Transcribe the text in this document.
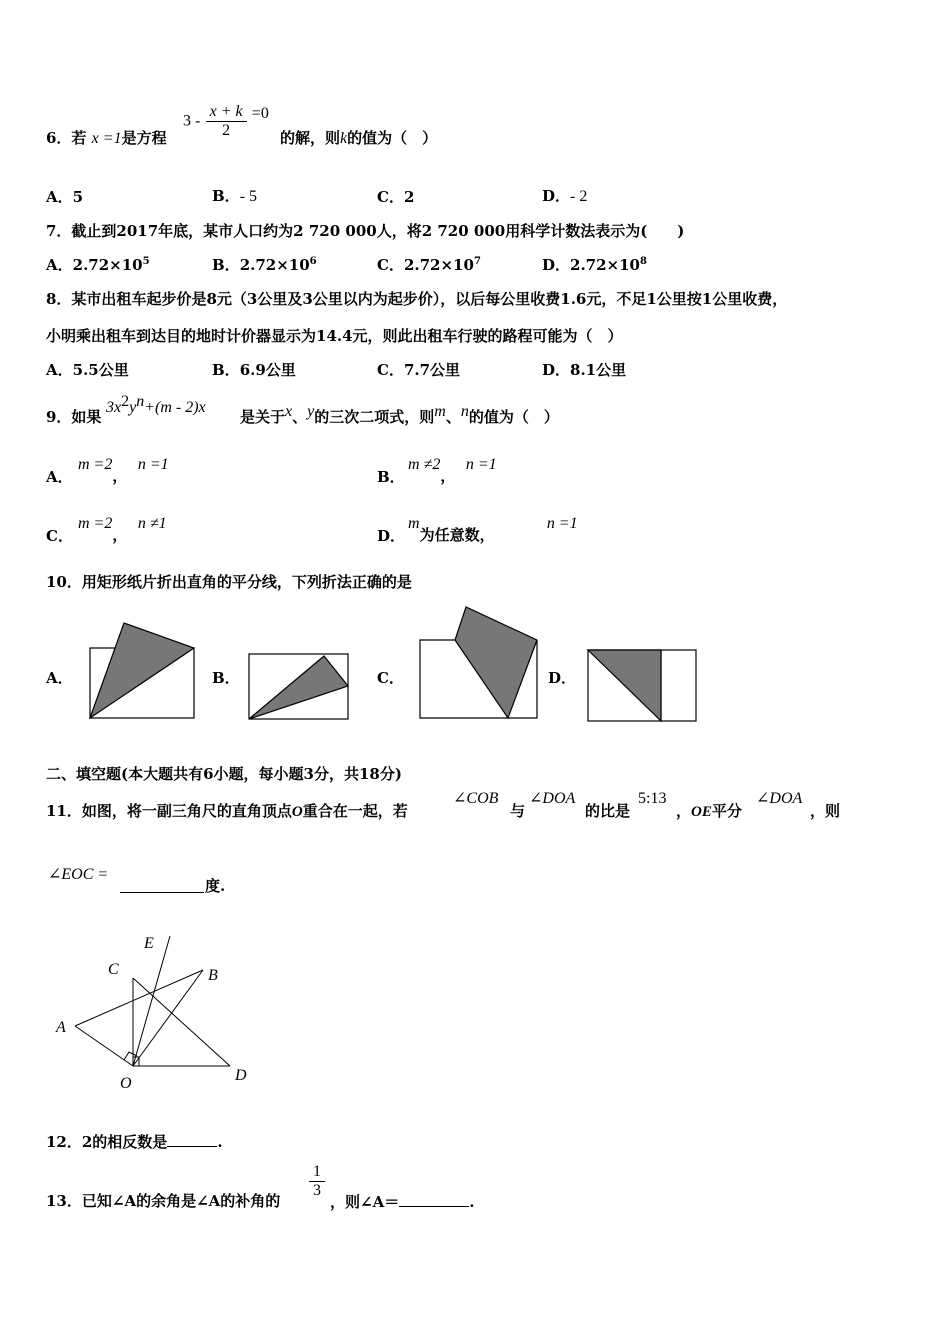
6．若 x =1是方程
$3 - \frac{x + k}{2} =0$
的解，则k的值为（　）
A．5	B．- 5	C．2	D．- 2
7．截止到2017年底，某市人口约为2 720 000人，将2 720 000用科学计数法表示为(　　)
A．$2.72\times 10^5$	B．$2.72\times 10^6$	C．$2.72\times 10^7$	D．$2.72\times 10^8$
8．某市出租车起步价是8元（3公里及3公里以内为起步价），以后每公里收费1.6元，不足1公里按1公里收费，
小明乘出租车到达目的地时计价器显示为14.4元，则此出租车行驶的路程可能为（　）
A．5.5公里	B．6.9公里	C．7.7公里	D．8.1公里
9．如果
$3x^2y^n+(m - 2)x$
是关于x、y的三次二项式，则m、n的值为（　）
A．
m =2，  n =1
B．
m ≠2，  n =1
C．
m =2，  n ≠1
D．
m为任意数，          n =1
10．用矩形纸片折出直角的平分线，下列折法正确的是
A．	B．	C．	D．
二、填空题(本大题共有6小题，每小题3分，共18分)
11．如图，将一副三角尺的直角顶点O重合在一起，若
∠COB
与
∠DOA
的比是
5:13
，OE平分
∠DOA
，则
∠EOC =
度.
E
C	B
A
O	D
12．2的相反数是	.
13．已知∠A的余角是∠A的补角的
$\frac{1}{3}$
，则∠A＝	.
